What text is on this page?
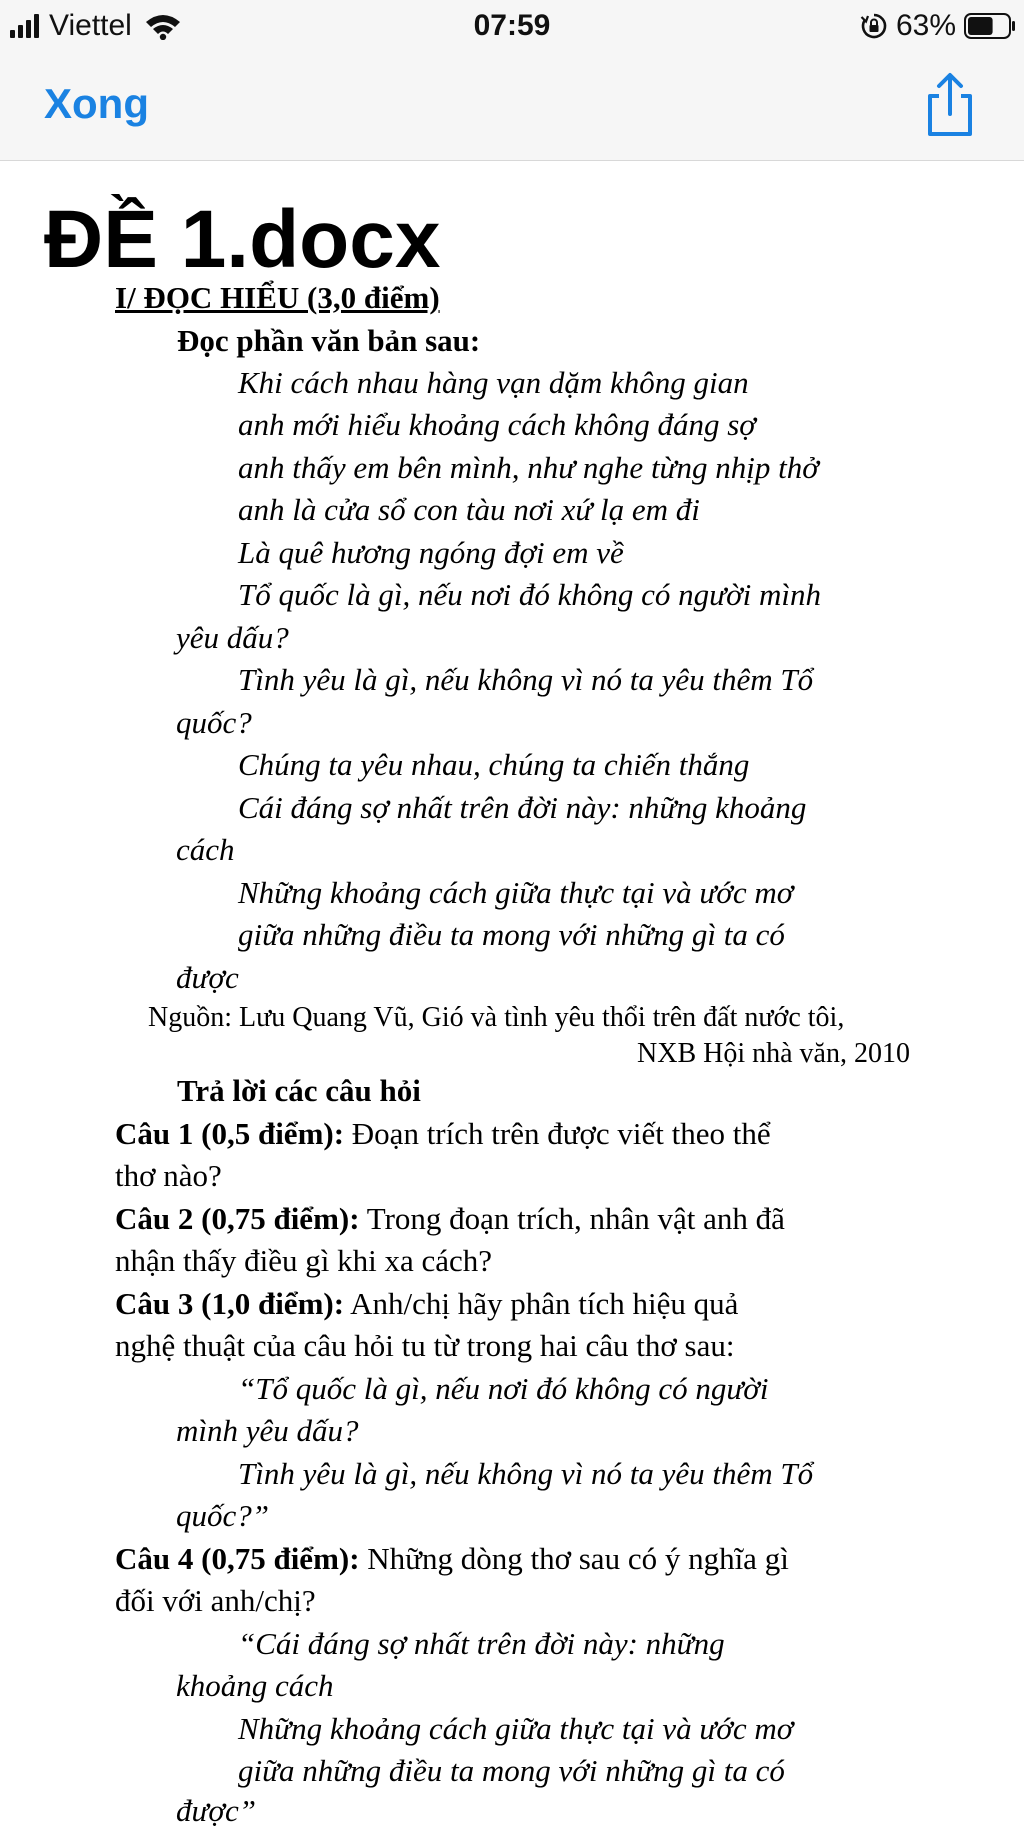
Viettel	07:59	63%
Xong
ĐỀ 1.docx
I/ ĐỌC HIỂU (3,0 điểm)
Đọc phần văn bản sau:
Khi cách nhau hàng vạn dặm không gian
anh mới hiểu khoảng cách không đáng sợ
anh thấy em bên mình, như nghe từng nhịp thở
anh là cửa sổ con tàu nơi xứ lạ em đi
Là quê hương ngóng đợi em về
Tổ quốc là gì, nếu nơi đó không có người mình
yêu dấu?
Tình yêu là gì, nếu không vì nó ta yêu thêm Tổ
quốc?
Chúng ta yêu nhau, chúng ta chiến thắng
Cái đáng sợ nhất trên đời này: những khoảng
cách
Những khoảng cách giữa thực tại và ước mơ
giữa những điều ta mong với những gì ta có
được
Nguồn: Lưu Quang Vũ, Gió và tình yêu thổi trên đất nước tôi,
NXB Hội nhà văn, 2010
Trả lời các câu hỏi
Câu 1 (0,5 điểm): Đoạn trích trên được viết theo thể
thơ nào?
Câu 2 (0,75 điểm): Trong đoạn trích, nhân vật anh đã
nhận thấy điều gì khi xa cách?
Câu 3 (1,0 điểm): Anh/chị hãy phân tích hiệu quả
nghệ thuật của câu hỏi tu từ trong hai câu thơ sau:
“Tổ quốc là gì, nếu nơi đó không có người
mình yêu dấu?
Tình yêu là gì, nếu không vì nó ta yêu thêm Tổ
quốc?”
Câu 4 (0,75 điểm): Những dòng thơ sau có ý nghĩa gì
đối với anh/chị?
“Cái đáng sợ nhất trên đời này: những
khoảng cách
Những khoảng cách giữa thực tại và ước mơ
giữa những điều ta mong với những gì ta có
được”
